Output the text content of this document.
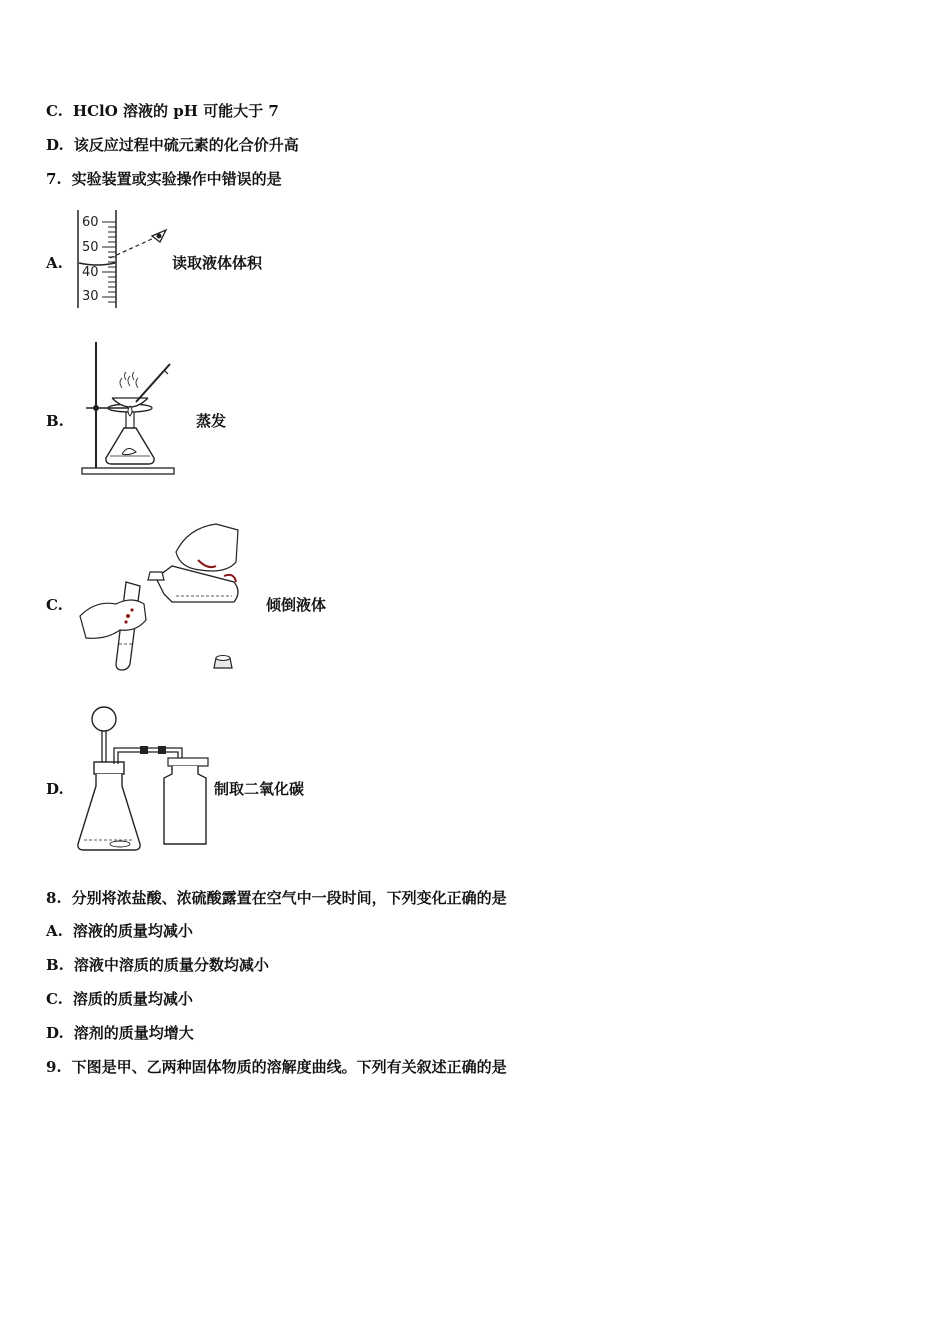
C. HClO 溶液的 pH 可能大于 7
D. 该反应过程中硫元素的化合价升高
7. 实验装置或实验操作中错误的是
A.
60
50
40
30
读取液体体积
B.	蒸发
C.	倾倒液体
D.	制取二氧化碳
8. 分别将浓盐酸、浓硫酸露置在空气中一段时间，下列变化正确的是
A. 溶液的质量均减小
B. 溶液中溶质的质量分数均减小
C. 溶质的质量均减小
D. 溶剂的质量均增大
9. 下图是甲、乙两种固体物质的溶解度曲线。下列有关叙述正确的是
